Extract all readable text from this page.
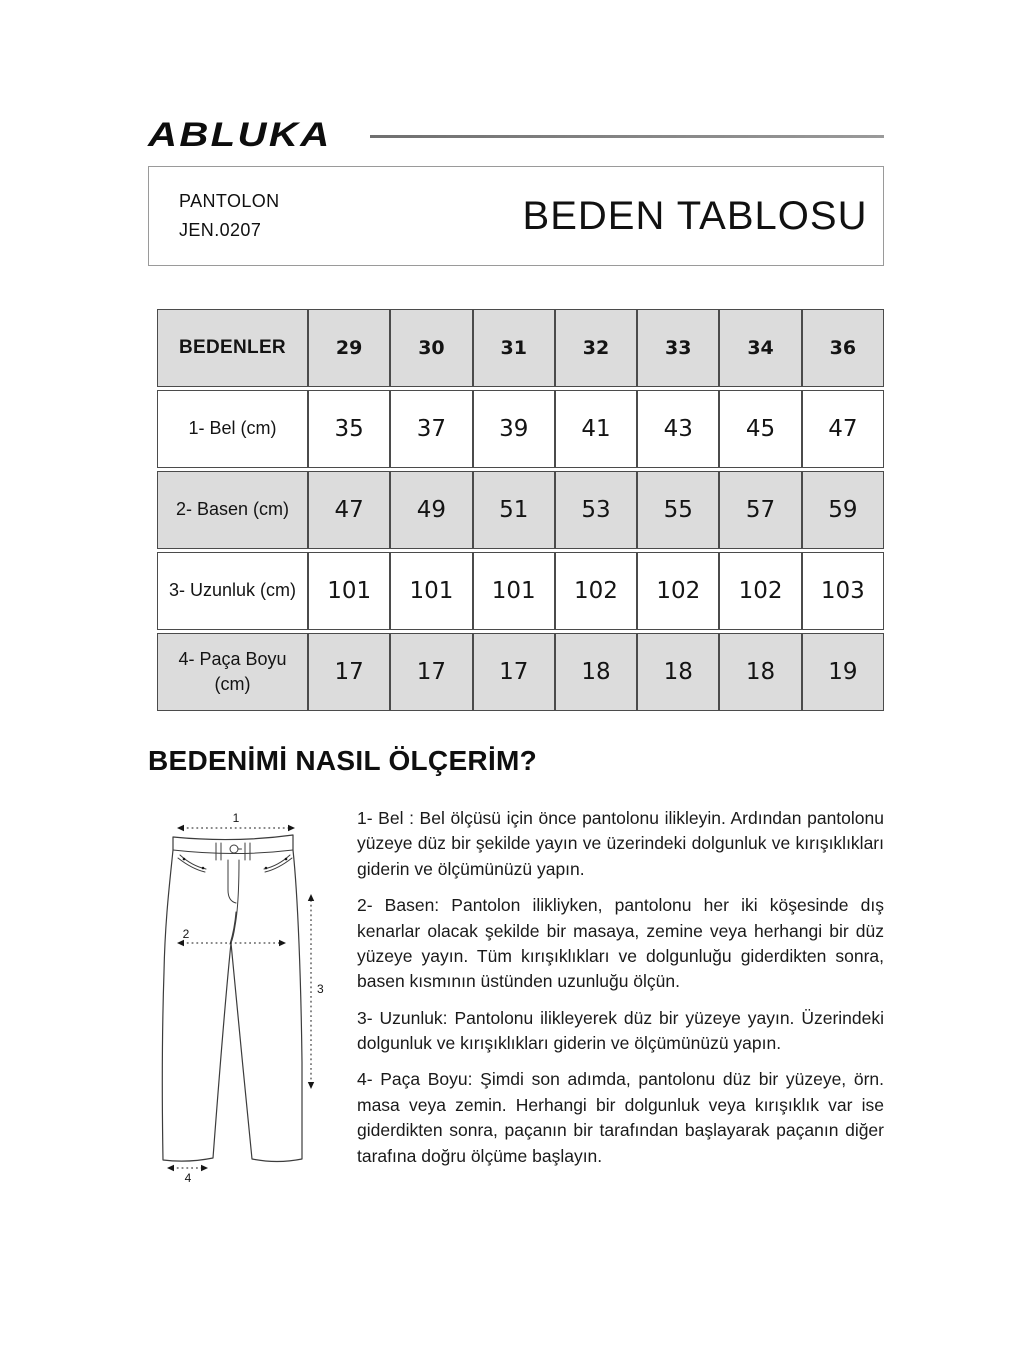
ABLUKA
PANTOLON
JEN.0207	BEDEN TABLOSU
BEDENLER	29	30	31	32	33	34	36
1- Bel (cm)	35	37	39	41	43	45	47
2- Basen (cm)	47	49	51	53	55	57	59
3- Uzunluk (cm)	101	101	101	102	102	102	103
4- Paça Boyu (cm)	17	17	17	18	18	18	19
BEDENİMİ NASIL ÖLÇERİM?
1
2
3
4

1- Bel : Bel ölçüsü için önce pantolonu ilikleyin. Ardından pantolonu yüzeye düz bir şekilde yayın ve üzerindeki dolgunluk ve kırışıklıkları giderin ve ölçümünüzü yapın.

2- Basen: Pantolon ilikliyken, pantolonu her iki köşesinde dış kenarlar olacak şekilde bir masaya, zemine veya herhangi bir düz yüzeye yayın. Tüm kırışıklıkları ve dolgunluğu giderdikten sonra, basen kısmının üstünden uzunluğu ölçün.

3- Uzunluk: Pantolonu ilikleyerek düz bir yüzeye yayın. Üzerindeki dolgunluk ve kırışıklıkları giderin ve ölçümünüzü yapın.

4- Paça Boyu: Şimdi son adımda, pantolonu düz bir yüzeye, örn. masa veya zemin. Herhangi bir dolgunluk veya kırışıklık var ise giderdikten sonra, paçanın bir tarafından başlayarak paçanın diğer tarafına doğru ölçüme başlayın.
